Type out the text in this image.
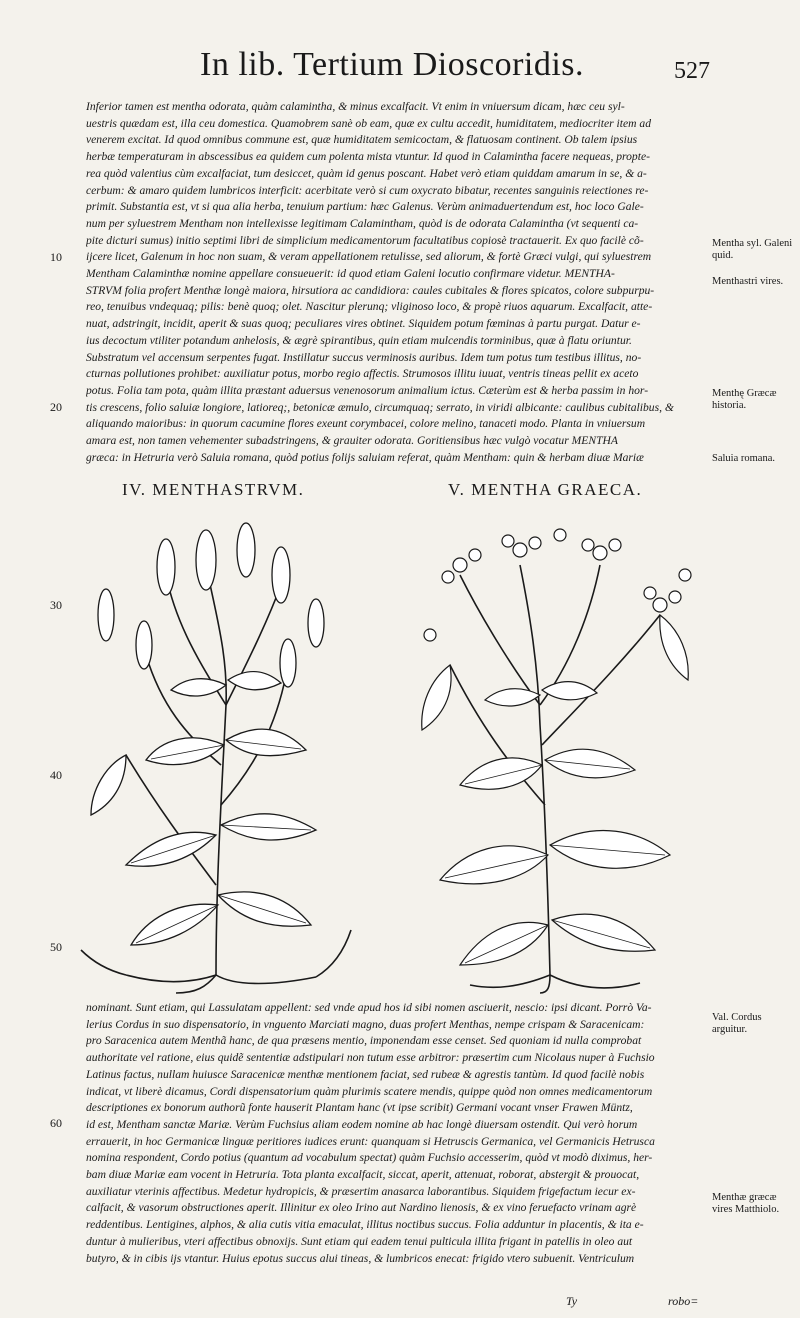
In lib. Tertium Dioscoridis.	527
Inferior tamen est mentha odorata, quàm calamintha, & minus excalfacit. Vt enim in vniuersum dicam, hæc ceu syl-
uestris quædam est, illa ceu domestica. Quamobrem sanè ob eam, quæ ex cultu accedit, humiditatem, mediocriter item ad
venerem excitat. Id quod omnibus commune est, quæ humiditatem semicoctam, & flatuosam continent. Ob talem ipsius
herbæ temperaturam in abscessibus ea quidem cum polenta mista vtuntur. Id quod in Calamintha facere nequeas, propte-
rea quòd valentius cùm excalfaciat, tum desiccet, quàm id genus poscant. Habet verò etiam quiddam amarum in se, & a-
cerbum: & amaro quidem lumbricos interficit: acerbitate verò si cum oxycrato bibatur, recentes sanguinis reiectiones re-
primit. Substantia est, vt si qua alia herba, tenuium partium: hæc Galenus. Verùm animaduertendum est, hoc loco Gale-
num per syluestrem Mentham non intellexisse legitimam Calamintham, quòd is de odorata Calamintha (vt sequenti ca-
pite dicturi sumus) initio septimi libri de simplicium medicamentorum facultatibus copiosè tractauerit. Ex quo facilè cõ-
ijcere licet, Galenum in hoc non suam, & veram appellationem retulisse, sed aliorum, & fortè Græci vulgi, qui syluestrem
Mentham Calaminthæ nomine appellare consueuerit: id quod etiam Galeni locutio confirmare videtur. MENTHA-
STRVM folia profert Menthæ longè maiora, hirsutiora ac candidiora: caules cubitales & flores spicatos, colore subpurpu-
reo, tenuibus vndequaq; pilis: benè quoq; olet. Nascitur plerunq; vliginoso loco, & propè riuos aquarum. Excalfacit, atte-
nuat, adstringit, incidit, aperit & suas quoq; peculiares vires obtinet. Siquidem potum fœminas à partu purgat. Datur e-
ius decoctum vtiliter potandum anhelosis, & ægrè spirantibus, quin etiam mulcendis torminibus, quæ à flatu oriuntur.
Substratum vel accensum serpentes fugat. Instillatur succus verminosis auribus. Idem tum potus tum testibus illitus, no-
cturnas pollutiones prohibet: auxiliatur potus, morbo regio affectis. Strumosos illitu iuuat, ventris tineas pellit ex aceto
potus. Folia tam pota, quàm illita præstant aduersus venenosorum animalium ictus. Cæterùm est & herba passim in hor-
tis crescens, folio saluiæ longiore, latioreq;, betonicæ æmulo, circumquaq; serrato, in viridi albicante: caulibus cubitalibus, &
aliquando maioribus: in quorum cacumine flores exeunt corymbacei, colore melino, tanaceti modo. Planta in vniuersum
amara est, non tamen vehementer subadstringens, & grauiter odorata. Goritiensibus hæc vulgò vocatur MENTHA
græca: in Hetruria verò Saluia romana, quòd potius folijs saluiam referat, quàm Mentham: quin & herbam diuæ Mariæ
10
20
30
40
50
60
Mentha syl. Galeni quid.
Menthastri vires.
Menthę Græcæ historia.
Saluia romana.
Val. Cordus arguitur.
Menthæ græcæ vires Matthiolo.
IV. MENTHASTRVM.	V. MENTHA GRAECA.
nominant. Sunt etiam, qui Lassulatam appellent: sed vnde apud hos id sibi nomen asciuerit, nescio: ipsi dicant. Porrò Va-
lerius Cordus in suo dispensatorio, in vnguento Marciati magno, duas profert Menthas, nempe crispam & Saracenicam:
pro Saracenica autem Menthã hanc, de qua præsens mentio, imponendam esse censet. Sed quoniam id nulla comprobat
authoritate vel ratione, eius quidẽ sententiæ adstipulari non tutum esse arbitror: præsertim cum Nicolaus nuper à Fuchsio
Latinus factus, nullam huiusce Saracenicæ menthæ mentionem faciat, sed rubeæ & agrestis tantùm. Id quod facilè nobis
indicat, vt liberè dicamus, Cordi dispensatorium quàm plurimis scatere mendis, quippe quòd non omnes medicamentorum
descriptiones ex bonorum authorũ fonte hauserit Plantam hanc (vt ipse scribit) Germani vocant vnser Frawen Müntz,
id est, Mentham sanctæ Mariæ. Verùm Fuchsius aliam eodem nomine ab hac longè diuersam ostendit. Qui verò horum
errauerit, in hoc Germanicæ linguæ peritiores iudices erunt: quanquam si Hetruscis Germanica, vel Germanicis Hetrusca
nomina respondent, Cordo potius (quantum ad vocabulum spectat) quàm Fuchsio accesserim, quòd vt modò diximus, her-
bam diuæ Mariæ eam vocent in Hetruria. Tota planta excalfacit, siccat, aperit, attenuat, roborat, abstergit & prouocat,
auxiliatur vterinis affectibus. Medetur hydropicis, & præsertim anasarca laborantibus. Siquidem frigefactum iecur ex-
calfacit, & vasorum obstructiones aperit. Illinitur ex oleo Irino aut Nardino lienosis, & ex vino feruefacto vrinam agrè
reddentibus. Lentigines, alphos, & alia cutis vitia emaculat, illitus noctibus succus. Folia adduntur in placentis, & ita e-
duntur à mulieribus, vteri affectibus obnoxijs. Sunt etiam qui eadem tenui pulticula illita frigant in patellis in oleo aut
butyro, & in cibis ijs vtantur. Huius epotus succus alui tineas, & lumbricos enecat: frigido vtero subuenit. Ventriculum
Ty	robo=
